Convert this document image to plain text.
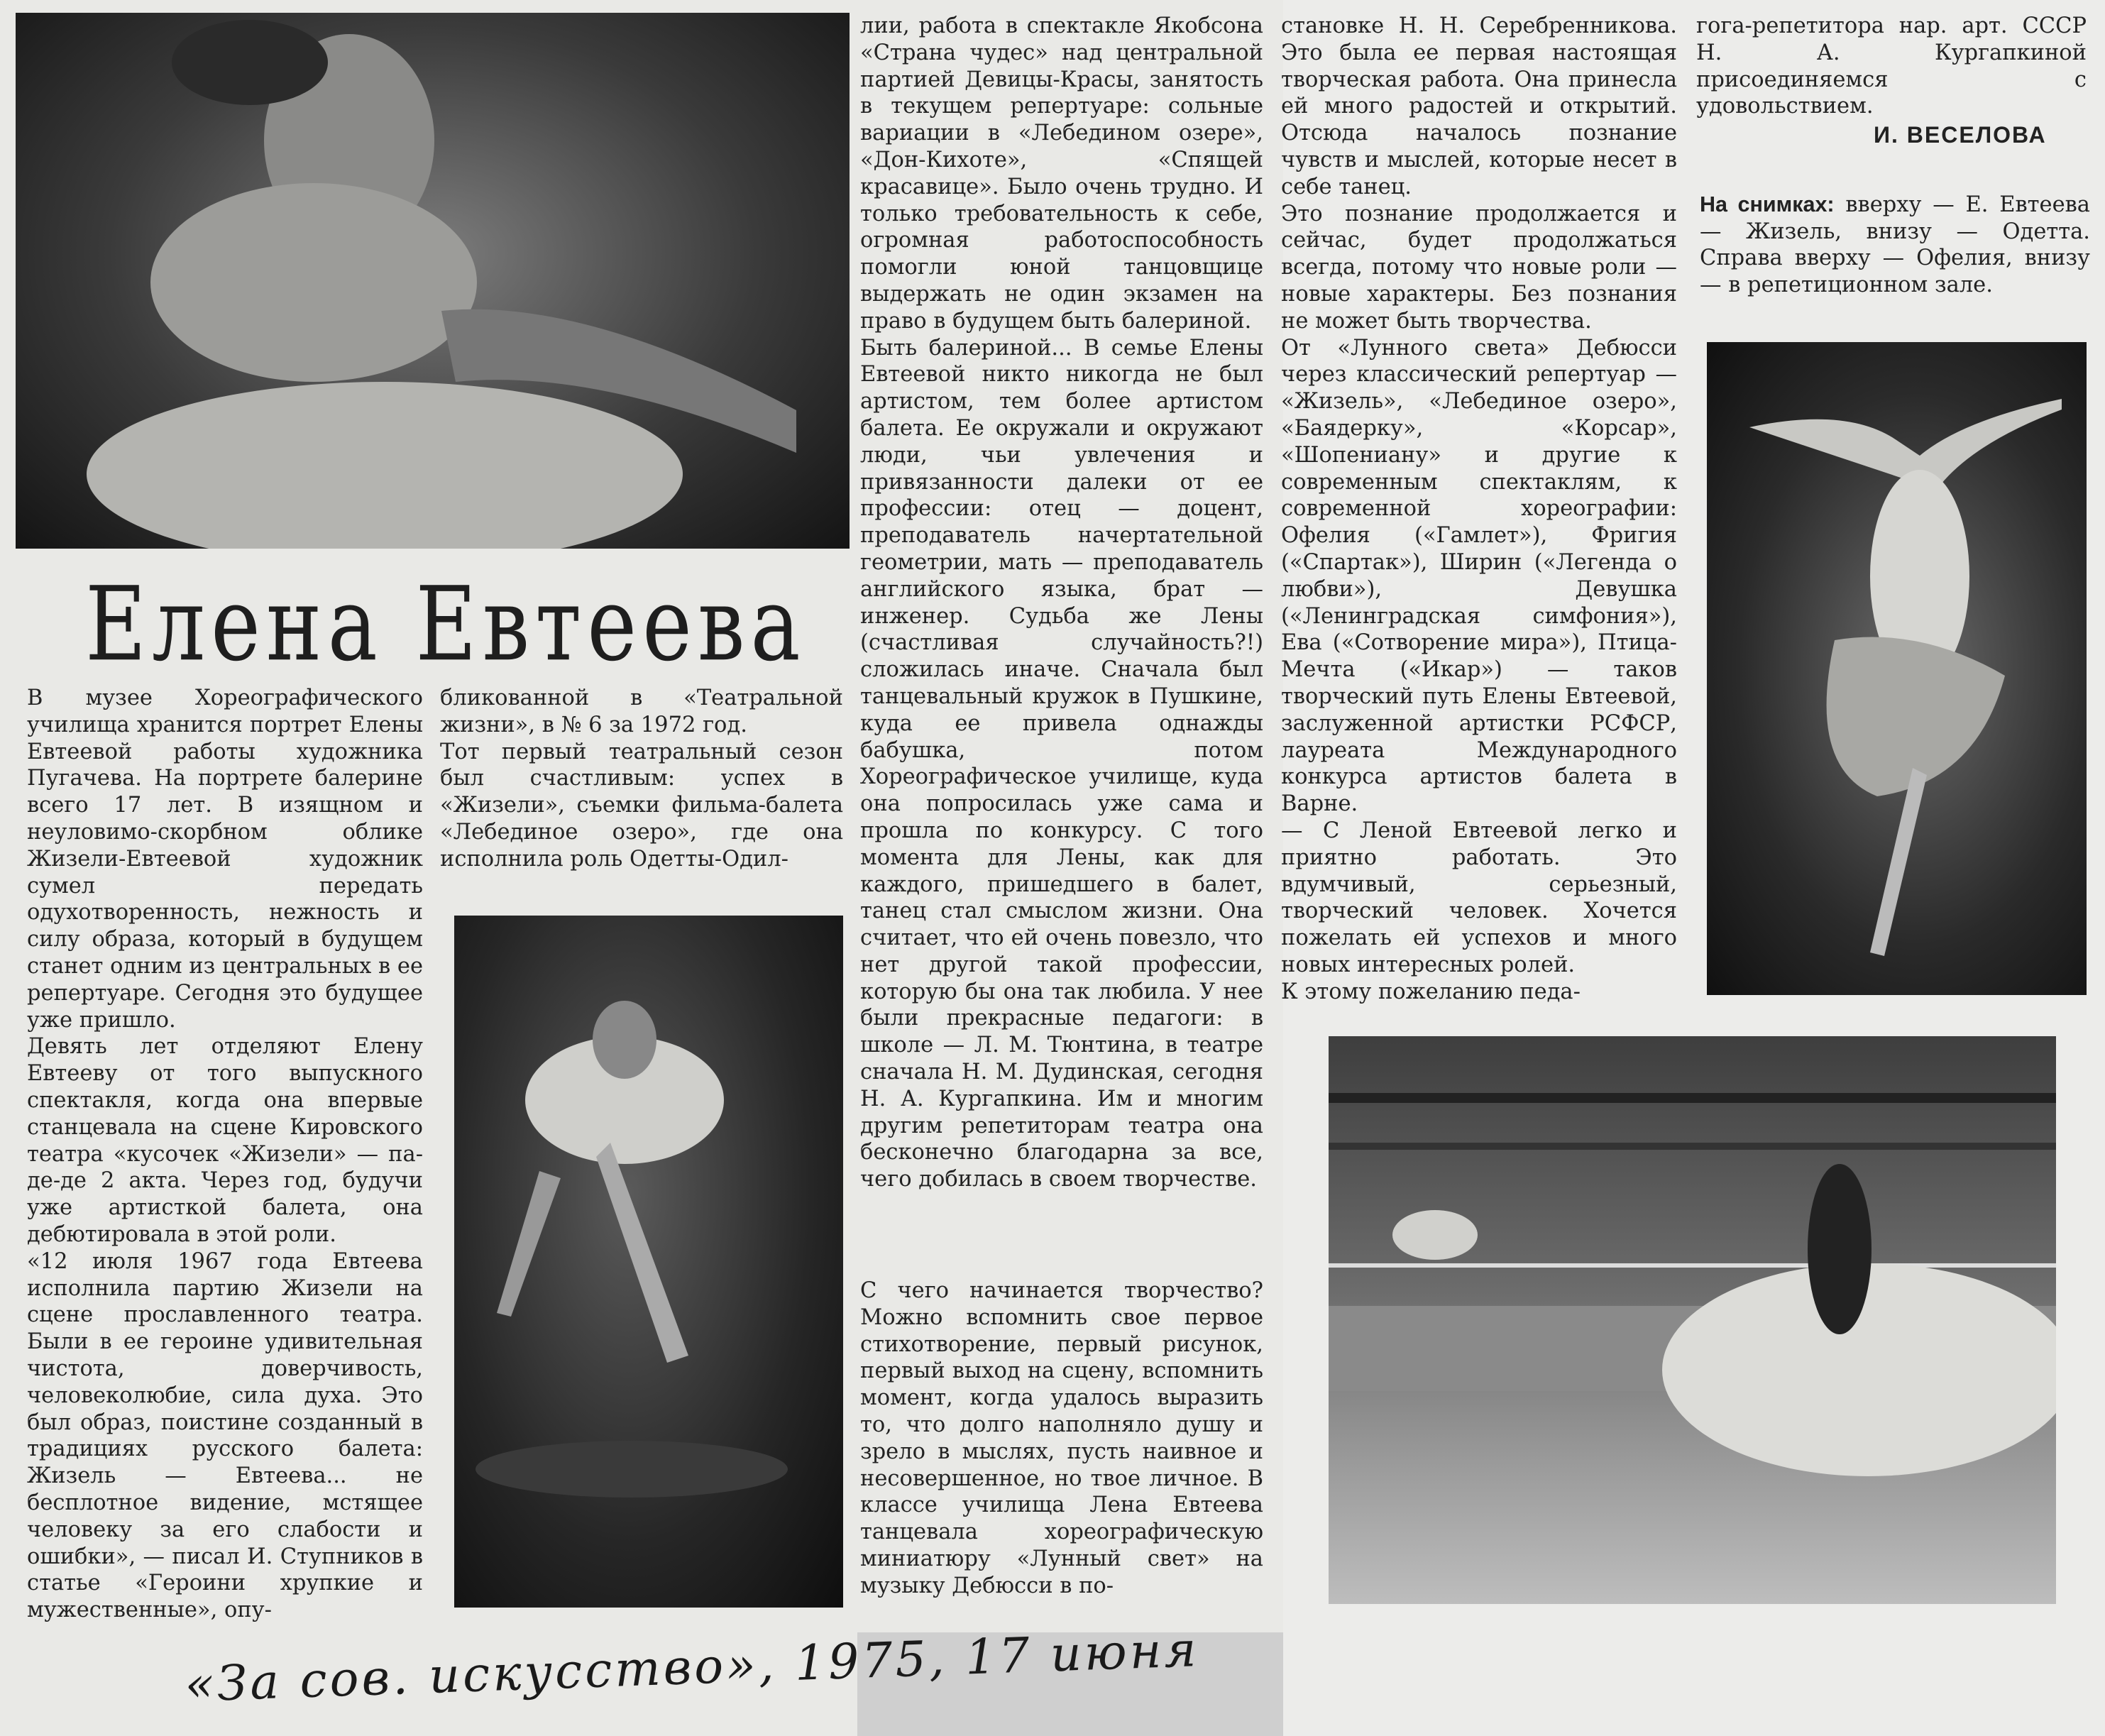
Елена Евтеева
В музее Хореографического училища хранится портрет Елены Евтеевой работы художника Пугачева. На портрете балерине всего 17 лет. В изящном и неуловимо-скорбном облике Жизели-Евтеевой художник сумел передать одухотворенность, нежность и силу образа, который в будущем станет одним из центральных в ее репертуаре. Сегодня это будущее уже пришло.
Девять лет отделяют Елену Евтееву от того выпускного спектакля, когда она впервые станцевала на сцене Кировского театра «кусочек «Жизели» — па-де-де 2 акта. Через год, будучи уже артисткой балета, она дебютировала в этой роли.
«12 июля 1967 года Евтеева исполнила партию Жизели на сцене прославленного театра. Были в ее героине удивительная чистота, доверчивость, человеколюбие, сила духа. Это был образ, поистине созданный в традициях русского балета: Жизель — Евтеева... не бесплотное видение, мстящее человеку за его слабости и ошибки», — писал И. Ступников в статье «Героини хрупкие и мужественные», опу-
бликованной в «Театральной жизни», в № 6 за 1972 год.
Тот первый театральный сезон был счастливым: успех в «Жизели», съемки фильма-балета «Лебединое озеро», где она исполнила роль Одетты-Одил-
лии, работа в спектакле Якобсона «Страна чудес» над центральной партией Девицы-Красы, занятость в текущем репертуаре: сольные вариации в «Лебедином озере», «Дон-Кихоте», «Спящей красавице». Было очень трудно. И только требовательность к себе, огромная работоспособность помогли юной танцовщице выдержать не один экзамен на право в будущем быть балериной.
Быть балериной... В семье Елены Евтеевой никто никогда не был артистом, тем более артистом балета. Ее окружали и окружают люди, чьи увлечения и привязанности далеки от ее профессии: отец — доцент, преподаватель начертательной геометрии, мать — преподаватель английского языка, брат — инженер. Судьба же Лены (счастливая случайность?!) сложилась иначе. Сначала был танцевальный кружок в Пушкине, куда ее привела однажды бабушка, потом Хореографическое училище, куда она попросилась уже сама и прошла по конкурсу. С того момента для Лены, как для каждого, пришедшего в балет, танец стал смыслом жизни. Она считает, что ей очень повезло, что нет другой такой профессии, которую бы она так любила. У нее были прекрасные педагоги: в школе — Л. М. Тюнтина, в театре сначала Н. М. Дудинская, сегодня Н. А. Кургапкина. Им и многим другим репетиторам театра она бесконечно благодарна за все, чего добилась в своем творчестве.
С чего начинается творчество? Можно вспомнить свое первое стихотворение, первый рисунок, первый выход на сцену, вспомнить момент, когда удалось выразить то, что долго наполняло душу и зрело в мыслях, пусть наивное и несовершенное, но твое личное. В классе училища Лена Евтеева танцевала хореографическую миниатюру «Лунный свет» на музыку Дебюсси в по-
становке Н. Н. Серебренникова. Это была ее первая настоящая творческая работа. Она принесла ей много радостей и открытий. Отсюда началось познание чувств и мыслей, которые несет в себе танец.
Это познание продолжается и сейчас, будет продолжаться всегда, потому что новые роли — новые характеры. Без познания не может быть творчества.
От «Лунного света» Дебюсси через классический репертуар — «Жизель», «Лебединое озеро», «Баядерку», «Корсар», «Шопениану» и другие к современным спектаклям, к современной хореографии: Офелия («Гамлет»), Фригия («Спартак»), Ширин («Легенда о любви»), Девушка («Ленинградская симфония»), Ева («Сотворение мира»), Птица-Мечта («Икар») — таков творческий путь Елены Евтеевой, заслуженной артистки РСФСР, лауреата Международного конкурса артистов балета в Варне.
— С Леной Евтеевой легко и приятно работать. Это вдумчивый, серьезный, творческий человек. Хочется пожелать ей успехов и много новых интересных ролей.
К этому пожеланию педа-
гога-репетитора нар. арт. СССР Н. А. Кургапкиной присоединяемся с удовольствием.
И. ВЕСЕЛОВА

На снимках: вверху — Е. Евтеева — Жизель, внизу — Одетта. Справа вверху — Офелия, внизу — в репетиционном зале.

«За сов. искусство», 1975, 17 июня
